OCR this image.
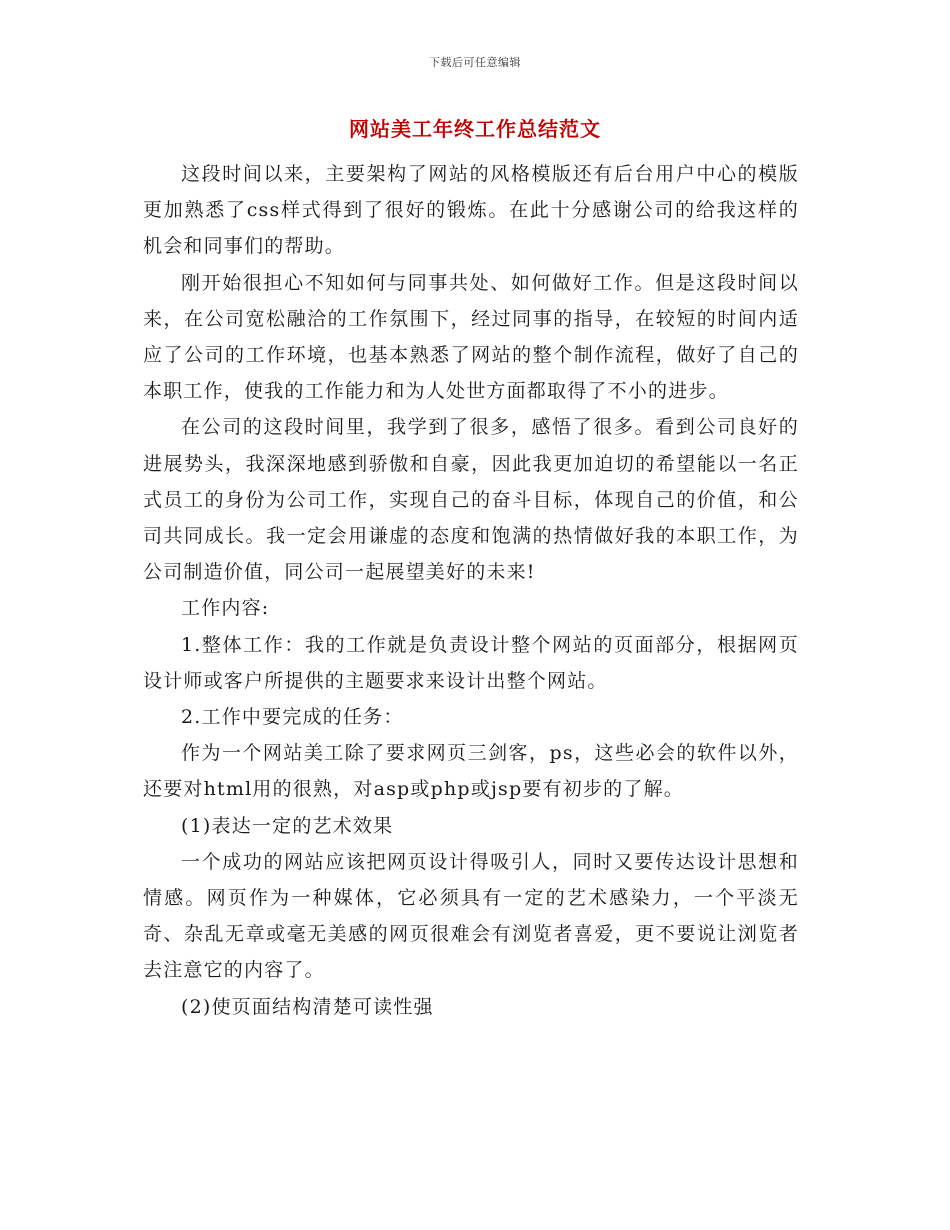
下载后可任意编辑
网站美工年终工作总结范文

这段时间以来，主要架构了网站的风格模版还有后台用户中心的模版更加熟悉了css样式得到了很好的锻炼。在此十分感谢公司的给我这样的机会和同事们的帮助。

刚开始很担心不知如何与同事共处、如何做好工作。但是这段时间以来，在公司宽松融洽的工作氛围下，经过同事的指导，在较短的时间内适应了公司的工作环境，也基本熟悉了网站的整个制作流程，做好了自己的本职工作，使我的工作能力和为人处世方面都取得了不小的进步。

在公司的这段时间里，我学到了很多，感悟了很多。看到公司良好的进展势头，我深深地感到骄傲和自豪，因此我更加迫切的希望能以一名正式员工的身份为公司工作，实现自己的奋斗目标，体现自己的价值，和公司共同成长。我一定会用谦虚的态度和饱满的热情做好我的本职工作，为公司制造价值，同公司一起展望美好的未来!

工作内容:

1.整体工作：我的工作就是负责设计整个网站的页面部分，根据网页设计师或客户所提供的主题要求来设计出整个网站。

2.工作中要完成的任务：

作为一个网站美工除了要求网页三剑客，ps，这些必会的软件以外，还要对html用的很熟，对asp或php或jsp要有初步的了解。

(1)表达一定的艺术效果

一个成功的网站应该把网页设计得吸引人，同时又要传达设计思想和情感。网页作为一种媒体，它必须具有一定的艺术感染力，一个平淡无奇、杂乱无章或毫无美感的网页很难会有浏览者喜爱，更不要说让浏览者去注意它的内容了。

(2)使页面结构清楚可读性强
